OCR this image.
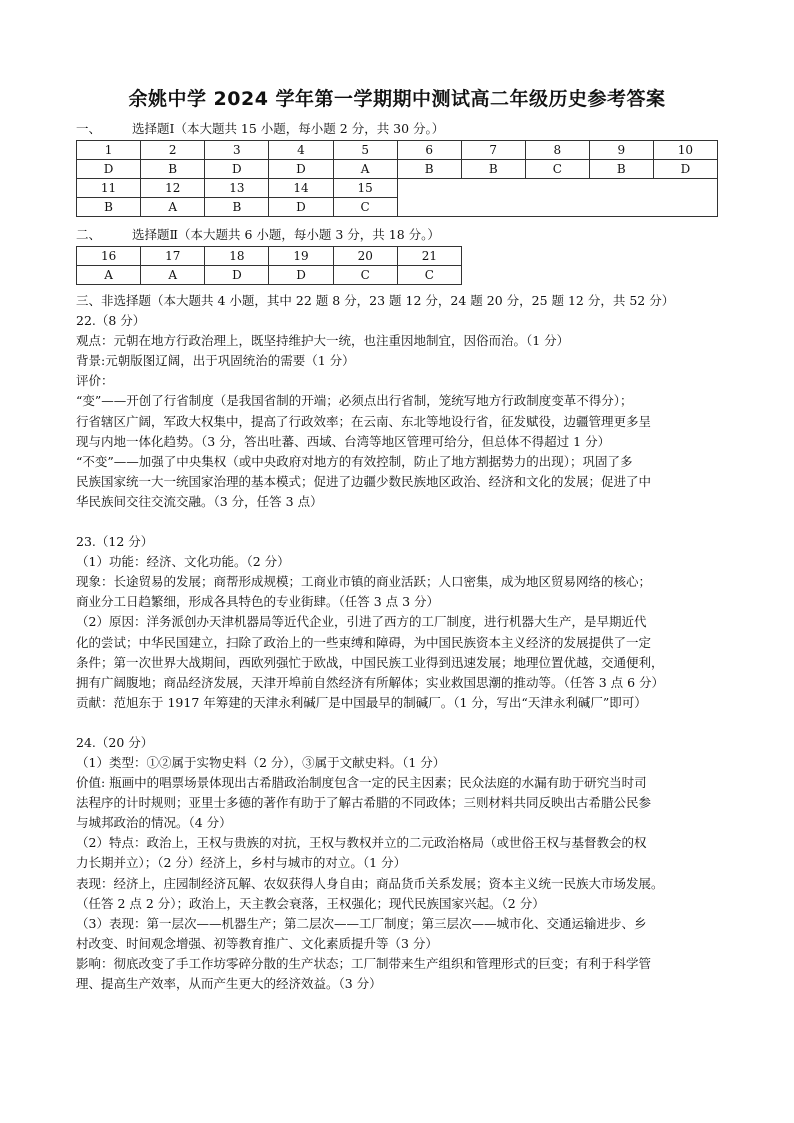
余姚中学 2024 学年第一学期期中测试高二年级历史参考答案
一、 选择题Ⅰ（本大题共 15 小题，每小题 2 分，共 30 分。）
1	2	3	4	5	6	7	8	9	10
D	B	D	D	A	B	B	C	B	D
11	12	13	14	15					
B	A	B	D	C					
二、 选择题Ⅱ（本大题共 6 小题，每小题 3 分，共 18 分。）
16	17	18	19	20	21
A	A	D	D	C	C

三、非选择题（本大题共 4 小题，其中 22 题 8 分，23 题 12 分，24 题 20 分，25 题 12 分，共 52 分）

22.（8 分）

观点：元朝在地方行政治理上，既坚持维护大一统，也注重因地制宜，因俗而治。（1 分）

背景:元朝版图辽阔，出于巩固统治的需要（1 分）

评价：

“变”——开创了行省制度（是我国省制的开端；必须点出行省制，笼统写地方行政制度变革不得分）；

行省辖区广阔，军政大权集中，提高了行政效率；在云南、东北等地设行省，征发赋役，边疆管理更多呈

现与内地一体化趋势。（3 分，答出吐蕃、西域、台湾等地区管理可给分，但总体不得超过 1 分）

“不变”——加强了中央集权（或中央政府对地方的有效控制，防止了地方割据势力的出现）；巩固了多

民族国家统一大一统国家治理的基本模式；促进了边疆少数民族地区政治、经济和文化的发展；促进了中

华民族间交往交流交融。（3 分，任答 3 点）

23.（12 分）

（1）功能：经济、文化功能。（2 分）

现象：长途贸易的发展；商帮形成规模；工商业市镇的商业活跃；人口密集，成为地区贸易网络的核心；

商业分工日趋繁细，形成各具特色的专业街肆。（任答 3 点 3 分）

（2）原因：洋务派创办天津机器局等近代企业，引进了西方的工厂制度，进行机器大生产，是早期近代

化的尝试；中华民国建立，扫除了政治上的一些束缚和障碍，为中国民族资本主义经济的发展提供了一定

条件；第一次世界大战期间，西欧列强忙于欧战，中国民族工业得到迅速发展；地理位置优越，交通便利，

拥有广阔腹地；商品经济发展，天津开埠前自然经济有所解体；实业救国思潮的推动等。（任答 3 点 6 分）

贡献：范旭东于 1917 年筹建的天津永利碱厂是中国最早的制碱厂。（1 分，写出“天津永利碱厂”即可）

24.（20 分）

（1）类型：①②属于实物史料（2 分），③属于文献史料。（1 分）

价值: 瓶画中的唱票场景体现出古希腊政治制度包含一定的民主因素；民众法庭的水漏有助于研究当时司

法程序的计时规则；亚里士多德的著作有助于了解古希腊的不同政体；三则材料共同反映出古希腊公民参

与城邦政治的情况。（4 分）

（2）特点：政治上，王权与贵族的对抗，王权与教权并立的二元政治格局（或世俗王权与基督教会的权

力长期并立）；（2 分）经济上，乡村与城市的对立。（1 分）

表现：经济上，庄园制经济瓦解、农奴获得人身自由；商品货币关系发展；资本主义统一民族大市场发展。

（任答 2 点 2 分）；政治上，天主教会衰落，王权强化；现代民族国家兴起。（2 分）

（3）表现：第一层次——机器生产；第二层次——工厂制度；第三层次——城市化、交通运输进步、乡

村改变、时间观念增强、初等教育推广、文化素质提升等（3 分）

影响：彻底改变了手工作坊零碎分散的生产状态；工厂制带来生产组织和管理形式的巨变；有利于科学管

理、提高生产效率，从而产生更大的经济效益。（3 分）
